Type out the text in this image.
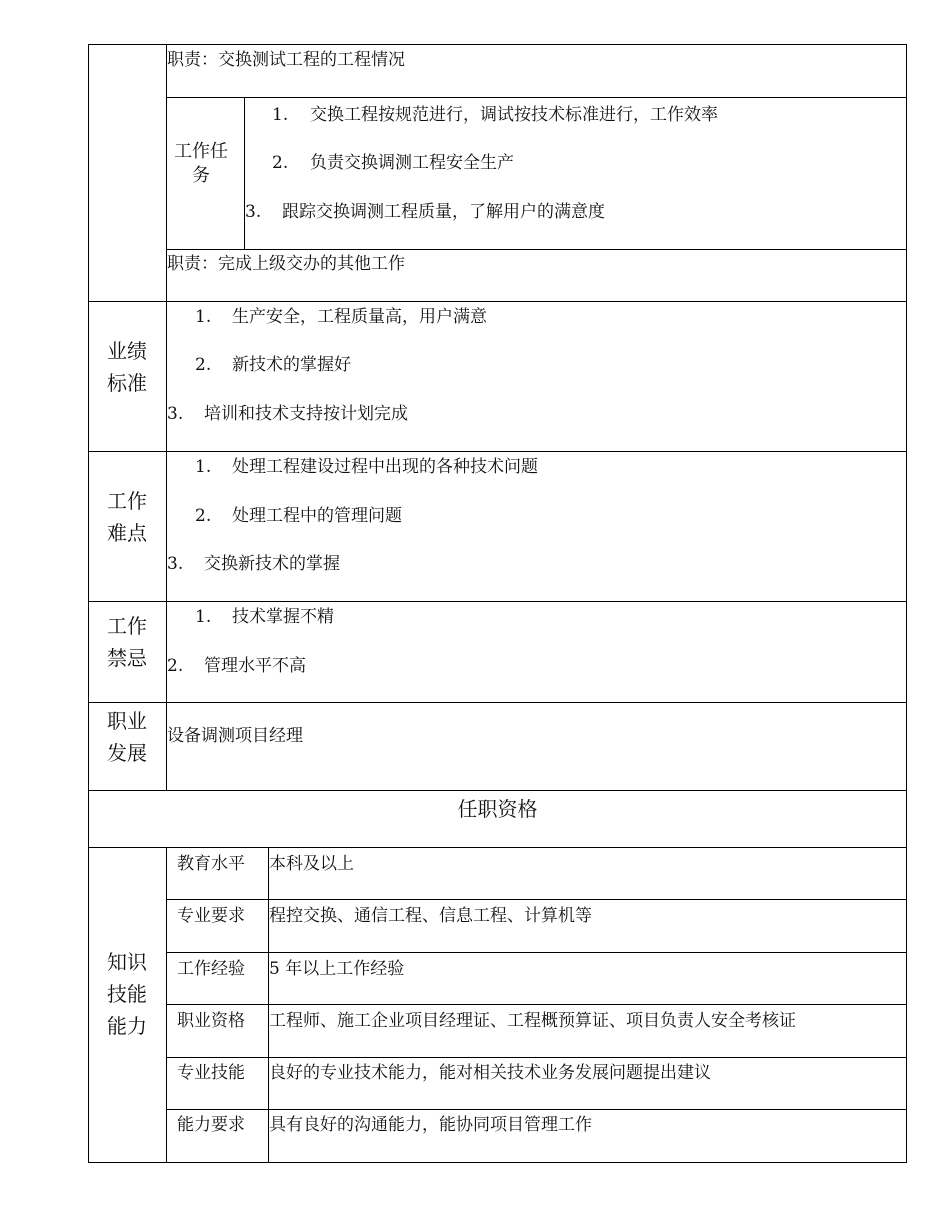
职责：交换测试工程的工程情况
工作任务
1. 交换工程按规范进行，调试按技术标准进行，工作效率
2. 负责交换调测工程安全生产
3. 跟踪交换调测工程质量，了解用户的满意度
职责：完成上级交办的其他工作
业绩标准
1. 生产安全，工程质量高，用户满意
2. 新技术的掌握好
3. 培训和技术支持按计划完成
工作难点
1. 处理工程建设过程中出现的各种技术问题
2. 处理工程中的管理问题
3. 交换新技术的掌握
工作禁忌
1. 技术掌握不精
2. 管理水平不高
职业发展
设备调测项目经理
任职资格
知识技能能力
教育水平 本科及以上
专业要求 程控交换、通信工程、信息工程、计算机等
工作经验 5 年以上工作经验
职业资格 工程师、施工企业项目经理证、工程概预算证、项目负责人安全考核证
专业技能 良好的专业技术能力，能对相关技术业务发展问题提出建议
能力要求 具有良好的沟通能力，能协同项目管理工作
